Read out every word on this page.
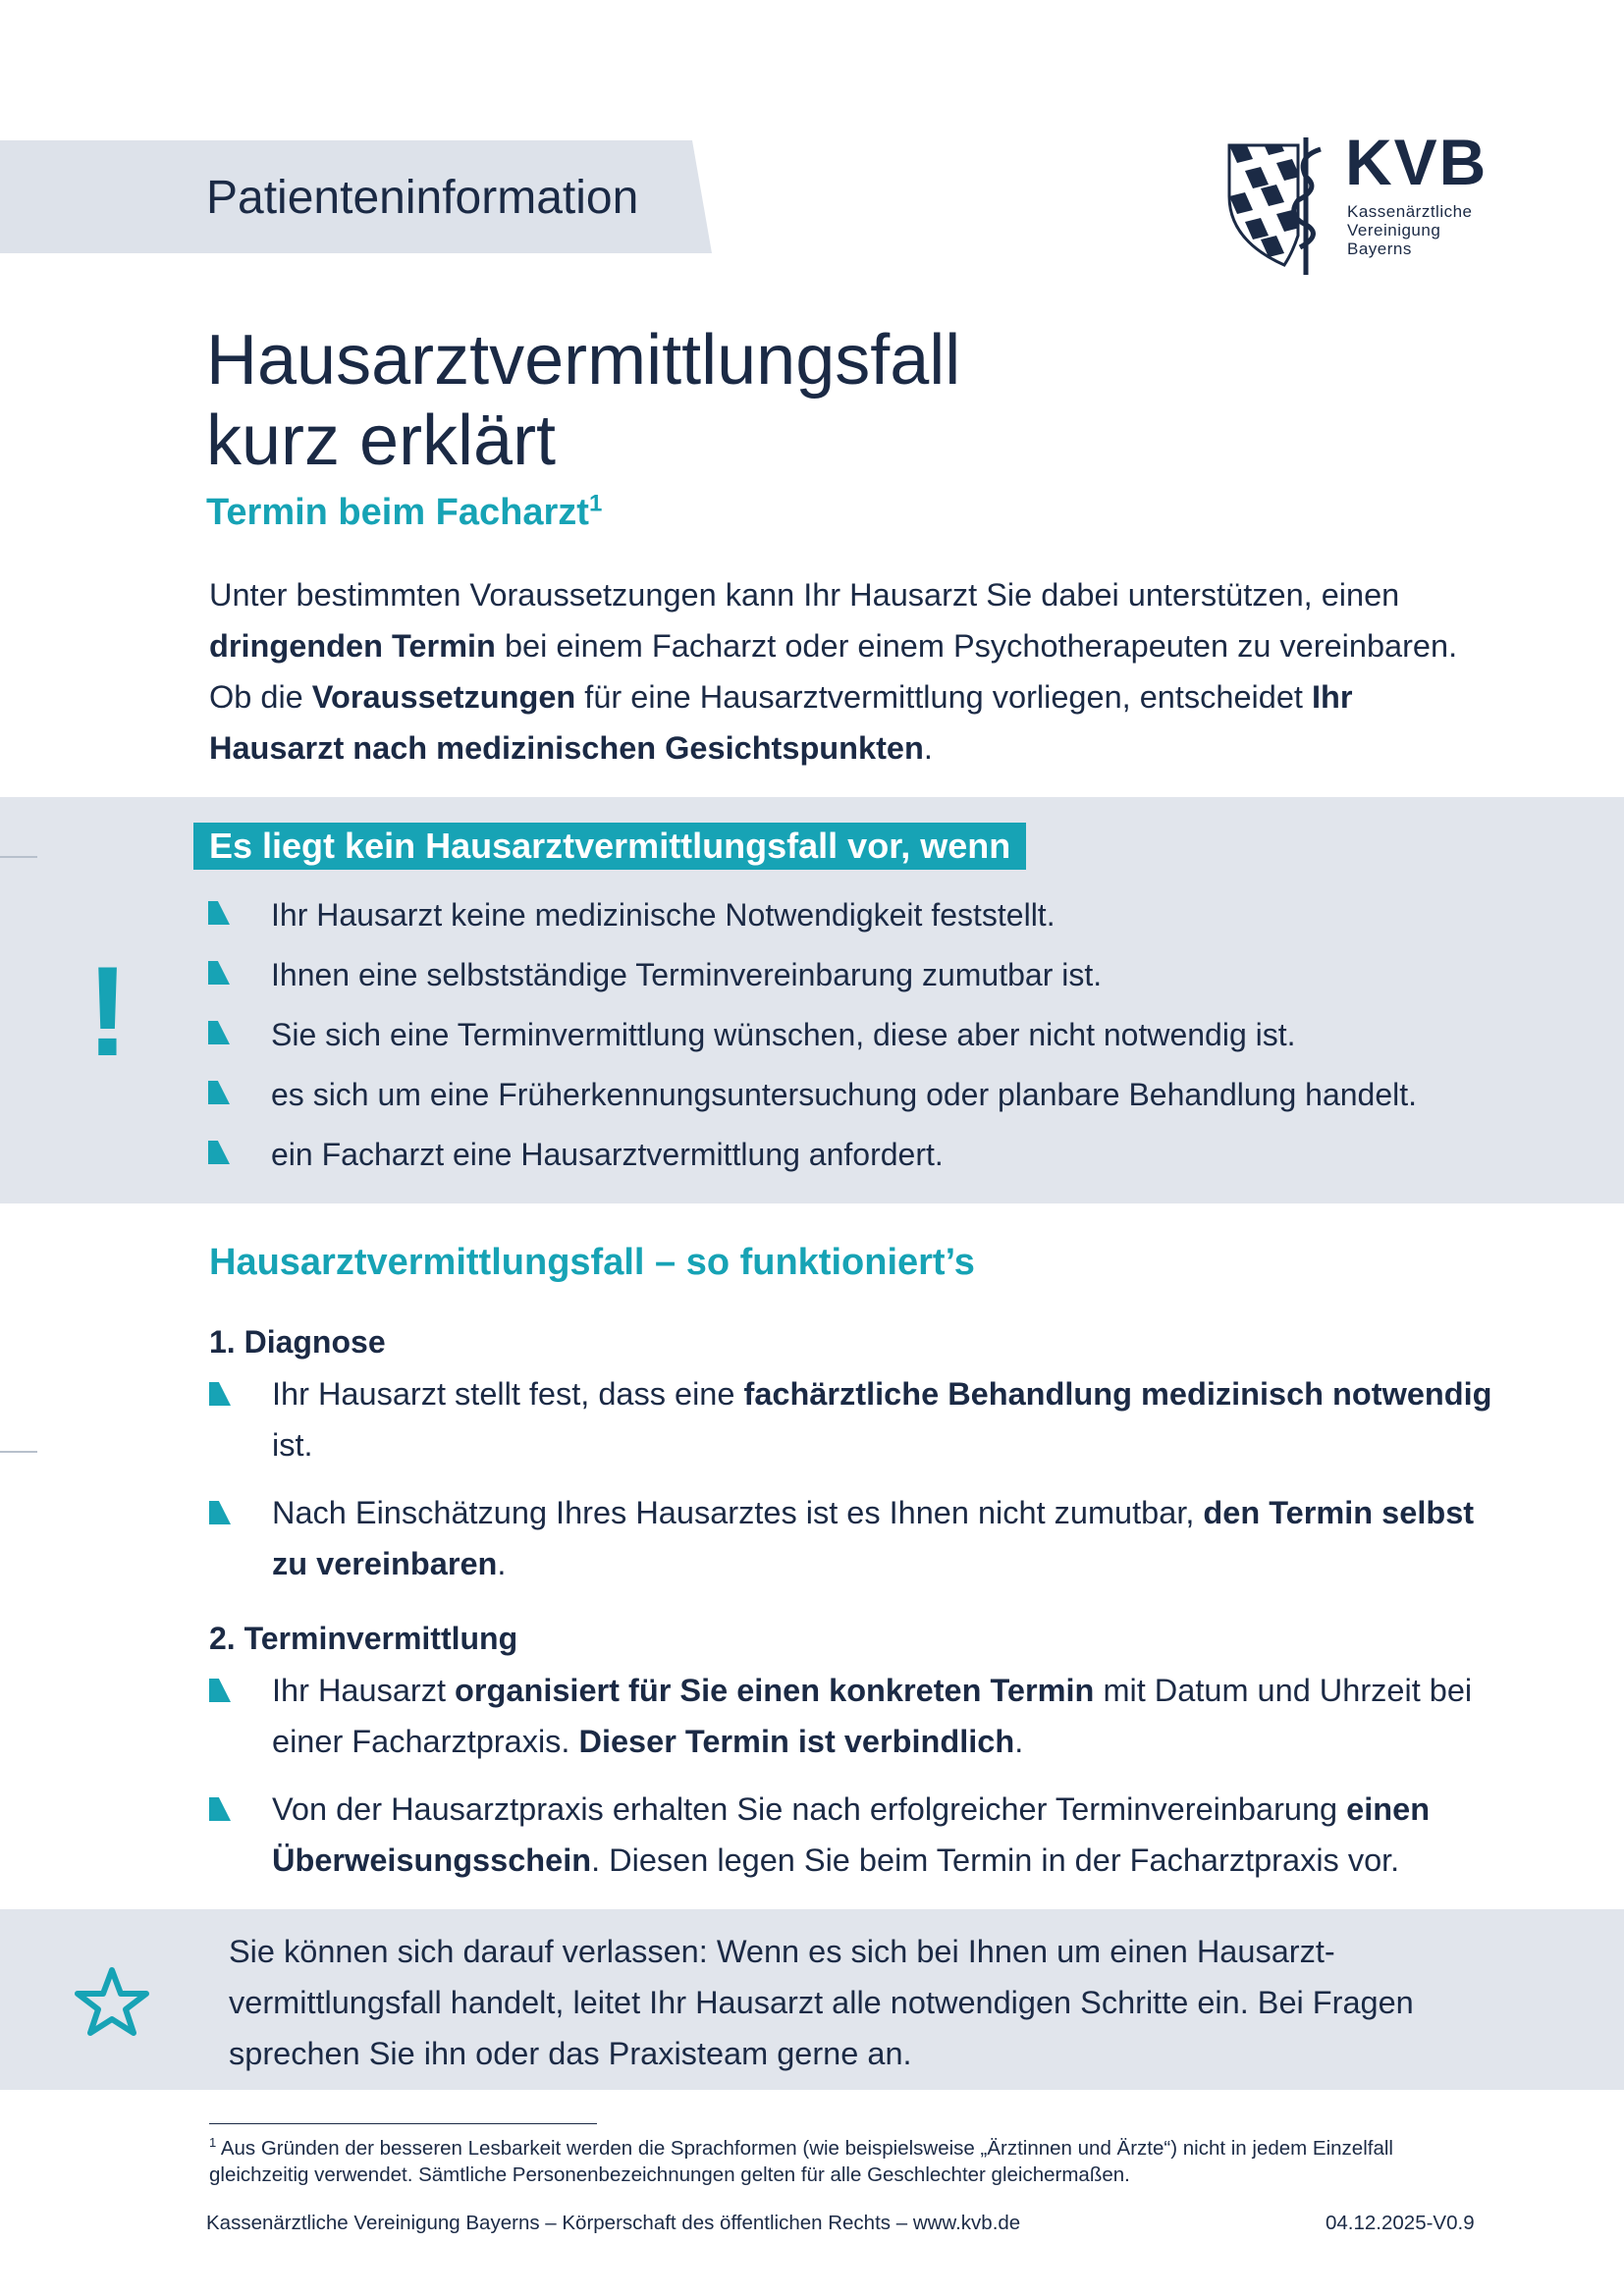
Patienteninformation	KVB
Kassenärztliche
Vereinigung
Bayerns
Hausarztvermittlungsfall
kurz erklärt
Termin beim Facharzt$^1$
Unter bestimmten Voraussetzungen kann Ihr Hausarzt Sie dabei unterstützen, einen dringenden Termin bei einem Facharzt oder einem Psychotherapeuten zu vereinbaren. Ob die Voraussetzungen für eine Hausarztvermittlung vorliegen, entscheidet Ihr Hausarzt nach medizinischen Gesichtspunkten.
Es liegt kein Hausarztvermittlungsfall vor, wenn
!
Ihr Hausarzt keine medizinische Notwendigkeit feststellt.
Ihnen eine selbstständige Terminvereinbarung zumutbar ist.
Sie sich eine Terminvermittlung wünschen, diese aber nicht notwendig ist.
es sich um eine Früherkennungsuntersuchung oder planbare Behandlung handelt.
ein Facharzt eine Hausarztvermittlung anfordert.
Hausarztvermittlungsfall – so funktioniert’s
1. Diagnose
Ihr Hausarzt stellt fest, dass eine fachärztliche Behandlung medizinisch notwendig ist.
Nach Einschätzung Ihres Hausarztes ist es Ihnen nicht zumutbar, den Termin selbst zu vereinbaren.
2. Terminvermittlung
Ihr Hausarzt organisiert für Sie einen konkreten Termin mit Datum und Uhrzeit bei einer Facharztpraxis. Dieser Termin ist verbindlich.
Von der Hausarztpraxis erhalten Sie nach erfolgreicher Terminvereinbarung einen Überweisungsschein. Diesen legen Sie beim Termin in der Facharztpraxis vor.
Sie können sich darauf verlassen: Wenn es sich bei Ihnen um einen Hausarzt-vermittlungsfall handelt, leitet Ihr Hausarzt alle notwendigen Schritte ein. Bei Fragen sprechen Sie ihn oder das Praxisteam gerne an.
$^1$ Aus Gründen der besseren Lesbarkeit werden die Sprachformen (wie beispielsweise „Ärztinnen und Ärzte“) nicht in jedem Einzelfall gleichzeitig verwendet. Sämtliche Personenbezeichnungen gelten für alle Geschlechter gleichermaßen.
Kassenärztliche Vereinigung Bayerns – Körperschaft des öffentlichen Rechts – www.kvb.de	04.12.2025-V0.9
